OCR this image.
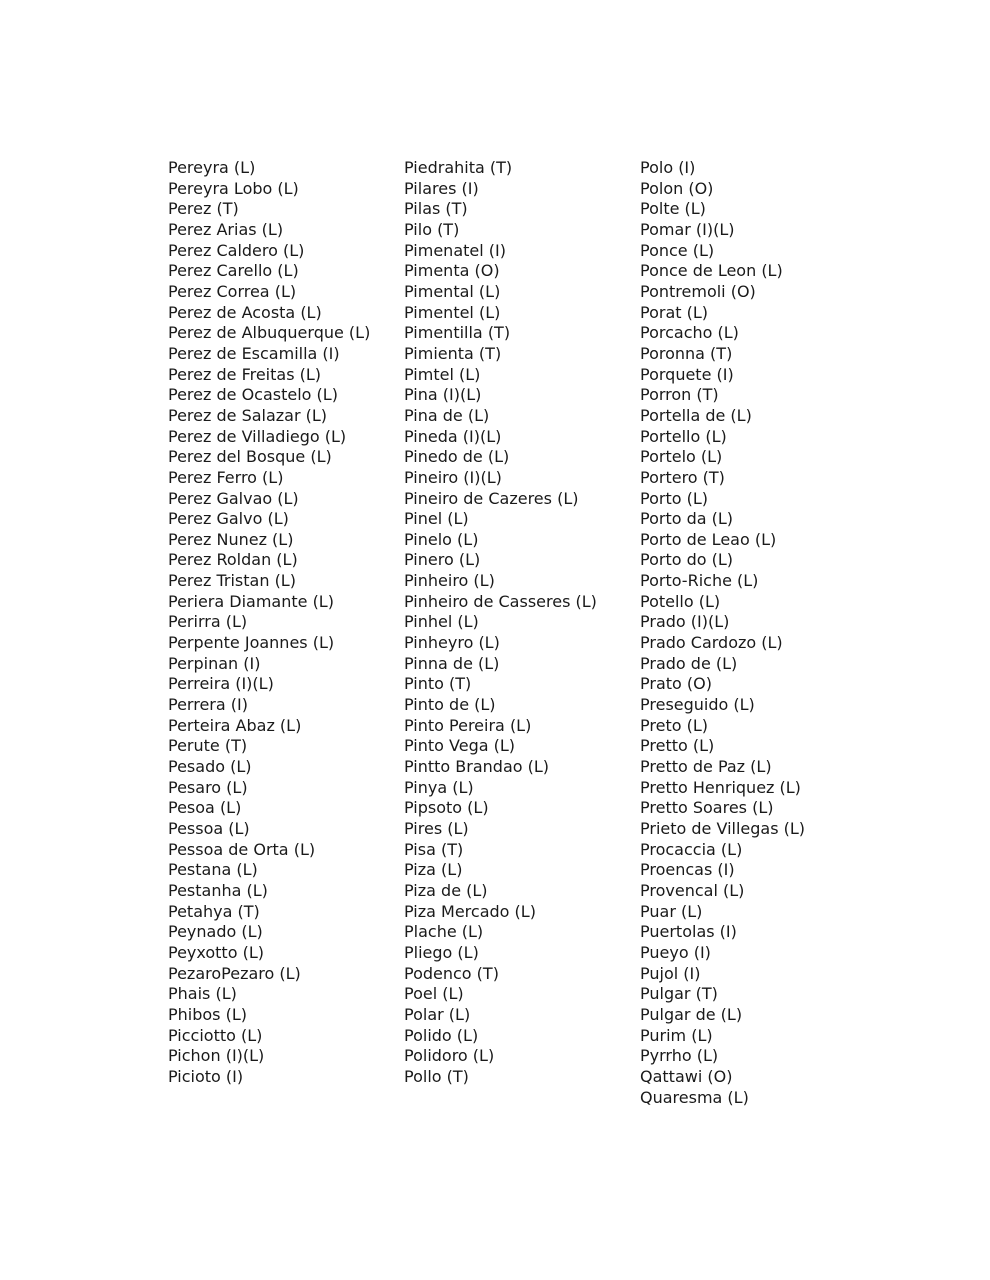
Pereyra (L)
Pereyra Lobo (L)
Perez (T)
Perez Arias (L)
Perez Caldero (L)
Perez Carello (L)
Perez Correa (L)
Perez de Acosta (L)
Perez de Albuquerque (L)
Perez de Escamilla (I)
Perez de Freitas (L)
Perez de Ocastelo (L)
Perez de Salazar (L)
Perez de Villadiego (L)
Perez del Bosque (L)
Perez Ferro (L)
Perez Galvao (L)
Perez Galvo (L)
Perez Nunez (L)
Perez Roldan (L)
Perez Tristan (L)
Periera Diamante (L)
Perirra (L)
Perpente Joannes (L)
Perpinan (I)
Perreira (I)(L)
Perrera (I)
Perteira Abaz (L)
Perute (T)
Pesado (L)
Pesaro (L)
Pesoa (L)
Pessoa (L)
Pessoa de Orta (L)
Pestana (L)
Pestanha (L)
Petahya (T)
Peynado (L)
Peyxotto (L)
PezaroPezaro (L)
Phais (L)
Phibos (L)
Picciotto (L)
Pichon (I)(L)
Picioto (I)
Piedrahita (T)
Pilares (I)
Pilas (T)
Pilo (T)
Pimenatel (I)
Pimenta (O)
Pimental (L)
Pimentel (L)
Pimentilla (T)
Pimienta (T)
Pimtel (L)
Pina (I)(L)
Pina de (L)
Pineda (I)(L)
Pinedo de (L)
Pineiro (I)(L)
Pineiro de Cazeres (L)
Pinel (L)
Pinelo (L)
Pinero (L)
Pinheiro (L)
Pinheiro de Casseres (L)
Pinhel (L)
Pinheyro (L)
Pinna de (L)
Pinto (T)
Pinto de (L)
Pinto Pereira (L)
Pinto Vega (L)
Pintto Brandao (L)
Pinya (L)
Pipsoto (L)
Pires (L)
Pisa (T)
Piza (L)
Piza de (L)
Piza Mercado (L)
Plache (L)
Pliego (L)
Podenco (T)
Poel (L)
Polar (L)
Polido (L)
Polidoro (L)
Pollo (T)
Polo (I)
Polon (O)
Polte (L)
Pomar (I)(L)
Ponce (L)
Ponce de Leon (L)
Pontremoli (O)
Porat (L)
Porcacho (L)
Poronna (T)
Porquete (I)
Porron (T)
Portella de (L)
Portello (L)
Portelo (L)
Portero (T)
Porto (L)
Porto da (L)
Porto de Leao (L)
Porto do (L)
Porto-Riche (L)
Potello (L)
Prado (I)(L)
Prado Cardozo (L)
Prado de (L)
Prato (O)
Preseguido (L)
Preto (L)
Pretto (L)
Pretto de Paz (L)
Pretto Henriquez (L)
Pretto Soares (L)
Prieto de Villegas (L)
Procaccia (L)
Proencas (I)
Provencal (L)
Puar (L)
Puertolas (I)
Pueyo (I)
Pujol (I)
Pulgar (T)
Pulgar de (L)
Purim (L)
Pyrrho (L)
Qattawi (O)
Quaresma (L)
